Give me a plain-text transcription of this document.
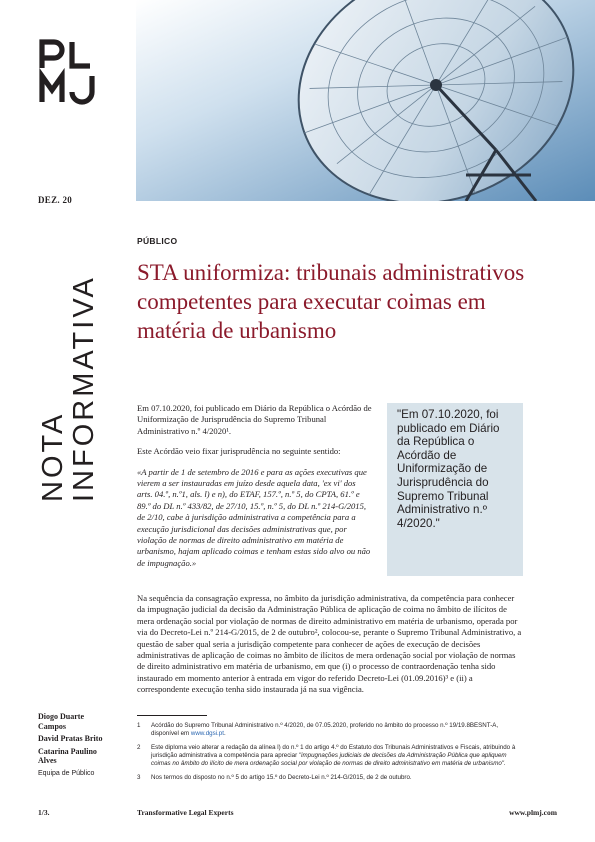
DEZ. 20
NOTA INFORMATIVA
PÚBLICO
STA uniformiza: tribunais administrativos competentes para executar coimas em matéria de urbanismo

Em 07.10.2020, foi publicado em Diário da República o Acórdão de Uniformização de Jurisprudência do Supremo Tribunal Administrativo n.º 4/2020¹.

Este Acórdão veio fixar jurisprudência no seguinte sentido:

«A partir de 1 de setembro de 2016 e para as ações executivas que vierem a ser instauradas em juízo desde aquela data, 'ex vi' dos arts. 04.º, n.º1, als. l) e n), do ETAF, 157.º, n.º 5, do CPTA, 61.º e 89.º do DL n.º 433/82, de 27/10, 15.º, n.º 5, do DL n.º 214-G/2015, de 2/10, cabe à jurisdição administrativa a competência para a execução jurisdicional das decisões administrativas que, por violação de normas de direito administrativo em matéria de urbanismo, hajam aplicado coimas e tenham estas sido alvo ou não de impugnação.»

"Em 07.10.2020, foi publicado em Diário da República o Acórdão de Uniformização de Jurisprudência do Supremo Tribunal Administrativo n.º 4/2020."

Na sequência da consagração expressa, no âmbito da jurisdição administrativa, da competência para conhecer da impugnação judicial da decisão da Administração Pública de aplicação de coima no âmbito de ilícitos de mera ordenação social por violação de normas de direito administrativo em matéria de urbanismo, operada por via do Decreto-Lei n.º 214-G/2015, de 2 de outubro², colocou-se, perante o Supremo Tribunal Administrativo, a questão de saber qual seria a jurisdição competente para conhecer de ações de execução de decisões administrativas de aplicação de coimas no âmbito de ilícitos de mera ordenação social por violação de normas de direito administrativo em matéria de urbanismo, em que (i) o processo de contraordenação tenha sido instaurado em momento anterior à entrada em vigor do referido Decreto-Lei (01.09.2016)³ e (ii) a correspondente execução tenha sido instaurada já na sua vigência.

1	Acórdão do Supremo Tribunal Administrativo n.º 4/2020, de 07.05.2020, proferido no âmbito do processo n.º 19/19.8BESNT-A, disponível em www.dgsi.pt.
2	Este diploma veio alterar a redação da alínea l) do n.º 1 do artigo 4.º do Estatuto dos Tribunais Administrativos e Fiscais, atribuindo à jurisdição administrativa a competência para apreciar "impugnações judiciais de decisões da Administração Pública que apliquem coimas no âmbito do ilícito de mera ordenação social por violação de normas de direito administrativo em matéria de urbanismo".
3	Nos termos do disposto no n.º 5 do artigo 15.º do Decreto-Lei n.º 214-G/2015, de 2 de outubro.
Diogo Duarte Campos
David Pratas Brito
Catarina Paulino Alves
Equipa de Público
1/3.	Transformative Legal Experts	www.plmj.com
